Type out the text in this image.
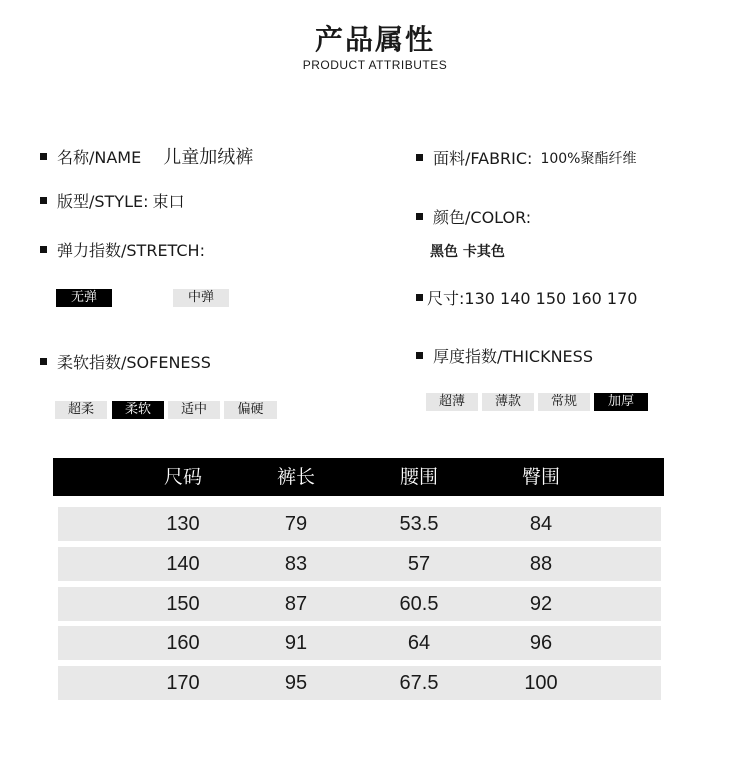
产品属性
PRODUCT ATTRIBUTES
名称/NAME 儿童加绒裤
版型/STYLE: 束口
弹力指数/STRETCH:
无弹	中弹
柔软指数/SOFENESS
超柔	柔软	适中	偏硬
面料/FABRIC: 100%聚酯纤维
颜色/COLOR:
黑色 卡其色
尺寸:130 140 150 160 170
厚度指数/THICKNESS
超薄	薄款	常规	加厚
尺码	裤长	腰围	臀围
130	79	53.5	84
140	83	57	88
150	87	60.5	92
160	91	64	96
170	95	67.5	100
